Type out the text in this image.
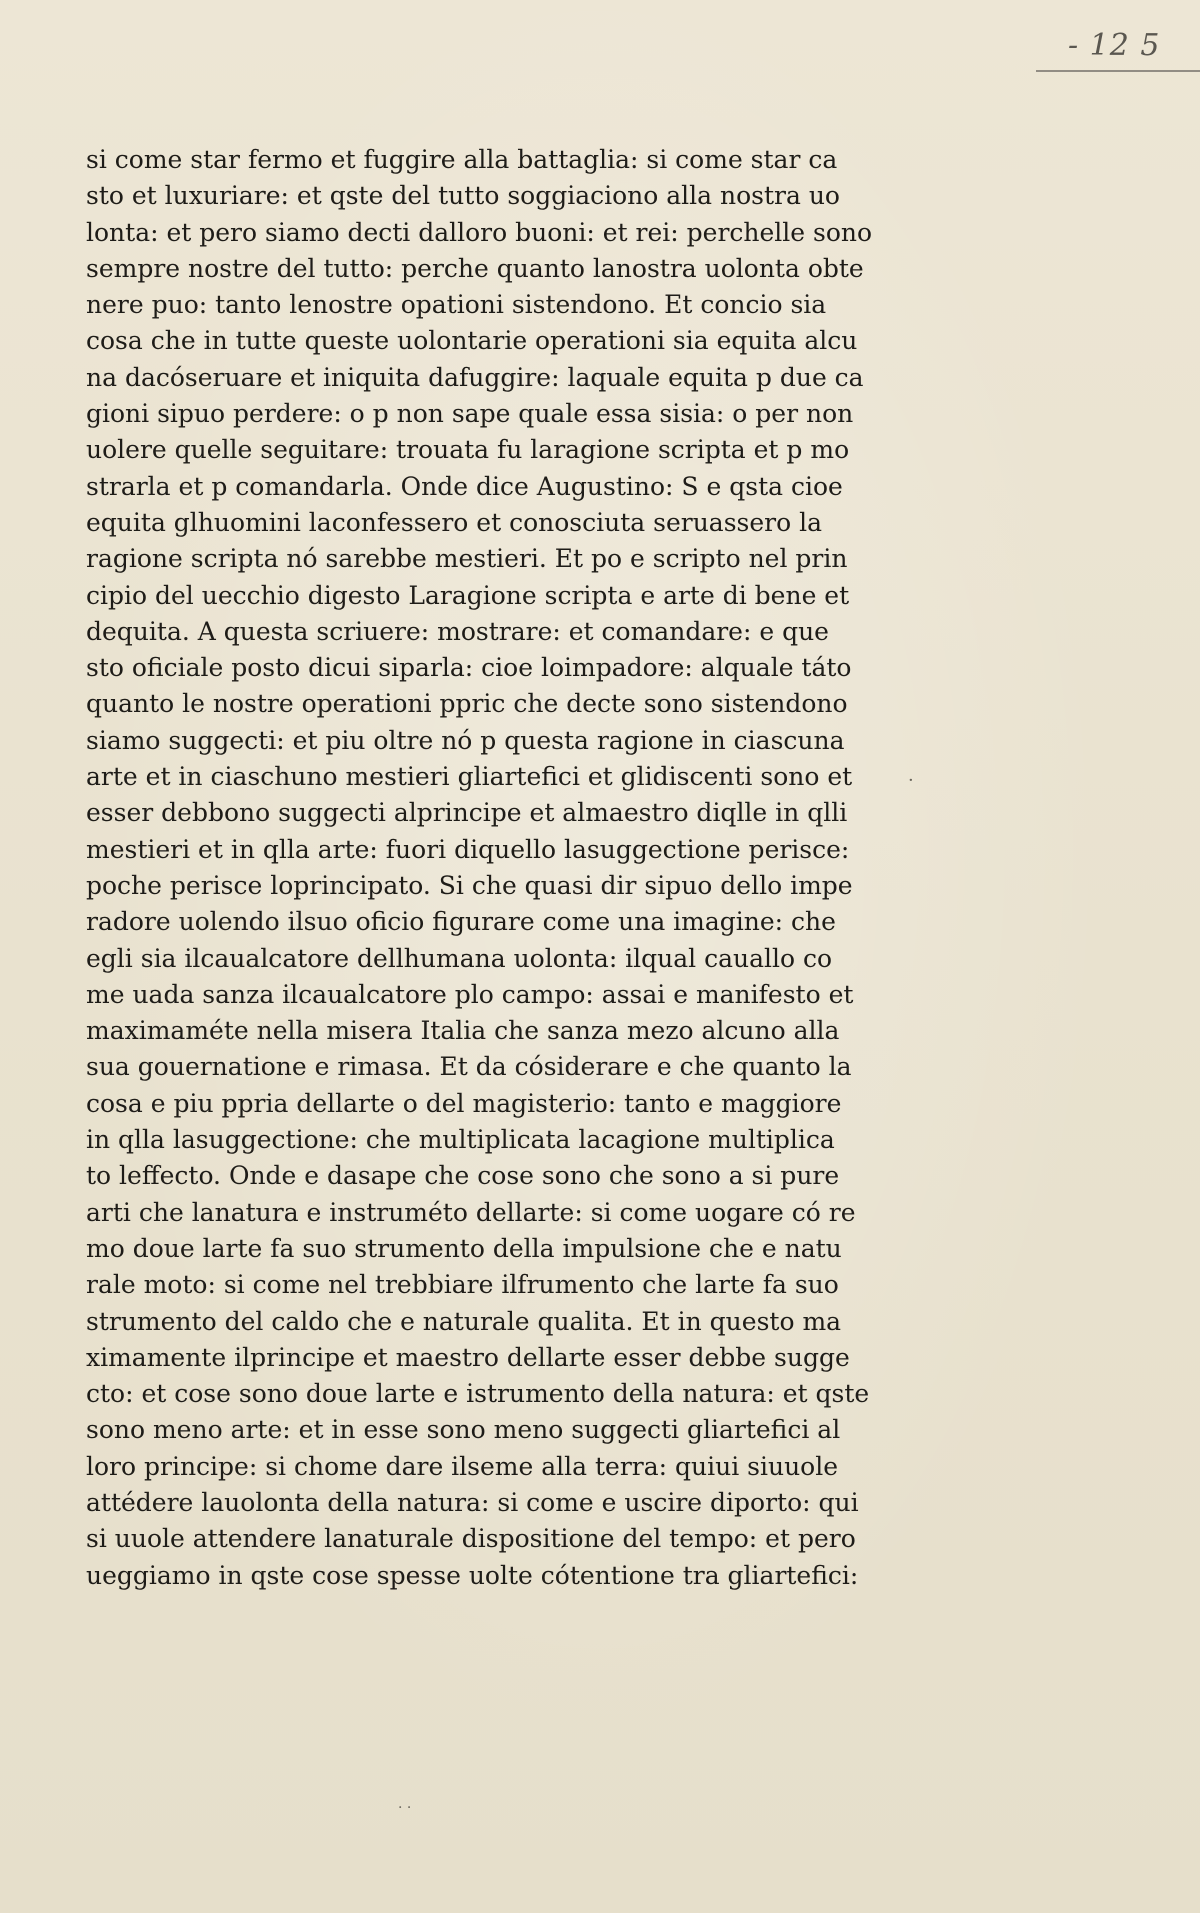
- 12 5
si come star fermo et fuggire alla battaglia: si come star ca
sto et luxuriare: et qste del tutto soggiaciono alla nostra uo
lonta: et pero siamo decti dalloro buoni: et rei: perchelle sono
sempre nostre del tutto: perche quanto lanostra uolonta obte
nere puo: tanto lenostre opationi sistendono. Et concio sia
cosa che in tutte queste uolontarie operationi sia equita alcu
na dacóseruare et iniquita dafuggire: laquale equita p due ca
gioni sipuo perdere: o p non sape quale essa sisia: o per non
uolere quelle seguitare: trouata fu laragione scripta et p mo
strarla et p comandarla. Onde dice Augustino: S e qsta cioe
equita glhuomini laconfessero et conosciuta seruassero la
ragione scripta nó sarebbe mestieri. Et po e scripto nel prin
cipio del uecchio digesto Laragione scripta e arte di bene et
dequita. A questa scriuere: mostrare: et comandare: e que
sto oficiale posto dicui siparla: cioe loimpadore: alquale táto
quanto le nostre operationi ppric che decte sono sistendono
siamo suggecti: et piu oltre nó p questa ragione in ciascuna
arte et in ciaschuno mestieri gliartefici et glidiscenti sono et
esser debbono suggecti alprincipe et almaestro diqlle in qlli
mestieri et in qlla arte: fuori diquello lasuggectione perisce:
poche perisce loprincipato. Si che quasi dir sipuo dello impe
radore uolendo ilsuo oficio figurare come una imagine: che
egli sia ilcaualcatore dellhumana uolonta: ilqual cauallo co
me uada sanza ilcaualcatore plo campo: assai e manifesto et
maximaméte nella misera Italia che sanza mezo alcuno alla
sua gouernatione e rimasa. Et da cósiderare e che quanto la
cosa e piu ppria dellarte o del magisterio: tanto e maggiore
in qlla lasuggectione: che multiplicata lacagione multiplica
to leffecto. Onde e dasape che cose sono che sono a si pure
arti che lanatura e instruméto dellarte: si come uogare có re
mo doue larte fa suo strumento della impulsione che e natu
rale moto: si come nel trebbiare ilfrumento che larte fa suo
strumento del caldo che e naturale qualita. Et in questo ma
ximamente ilprincipe et maestro dellarte esser debbe sugge
cto: et cose sono doue larte e istrumento della natura: et qste
sono meno arte: et in esse sono meno suggecti gliartefici al
loro principe: si chome dare ilseme alla terra: quiui siuuole
attédere lauolonta della natura: si come e uscire diporto: qui
si uuole attendere lanaturale dispositione del tempo: et pero
ueggiamo in qste cose spesse uolte cótentione tra gliartefici:
·
· ·
